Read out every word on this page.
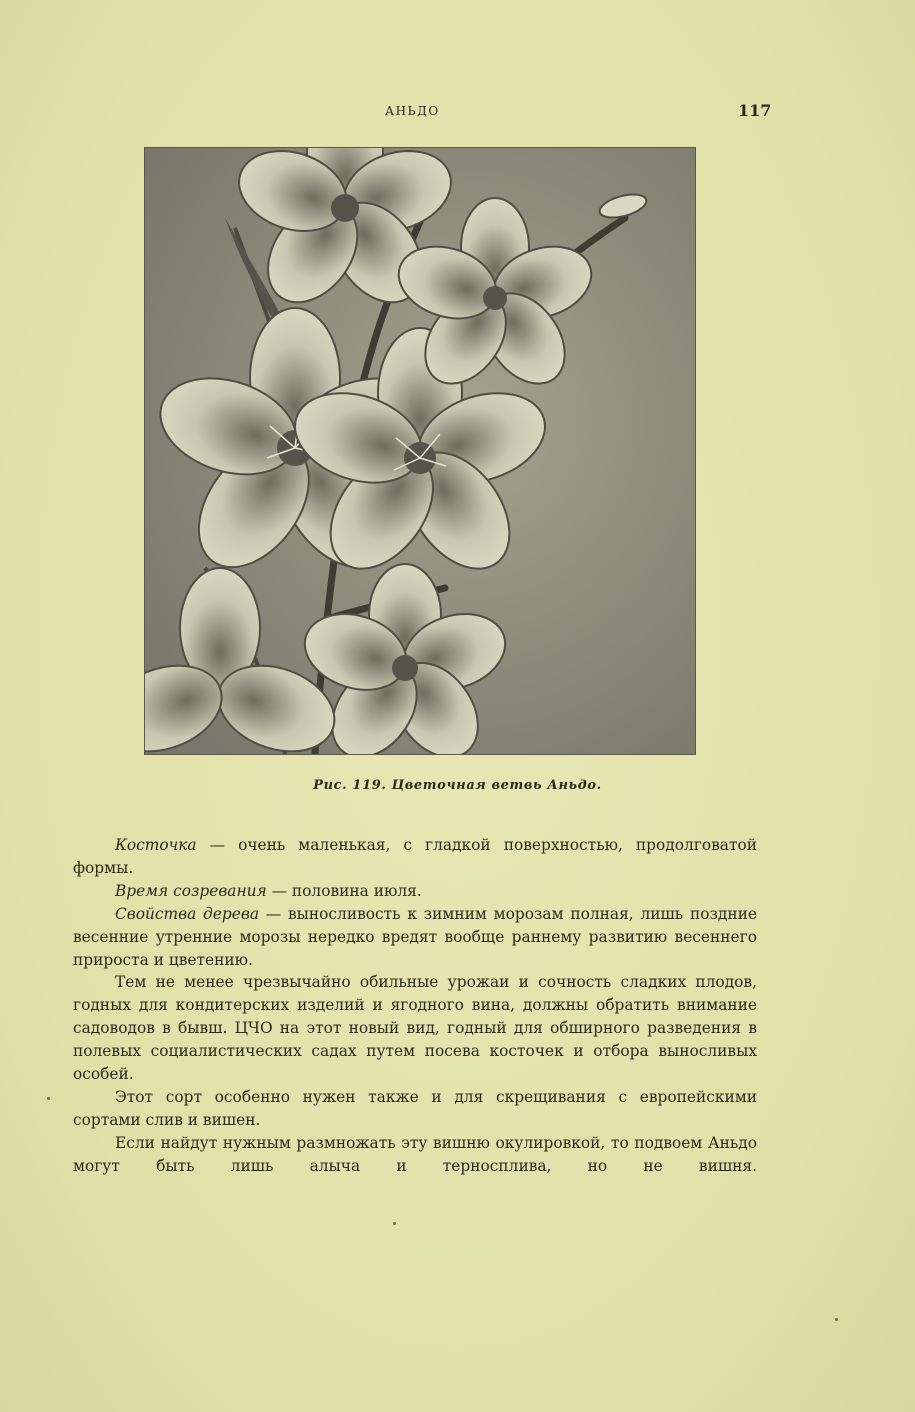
АНЬДО	117
Рис. 119. Цветочная ветвь Аньдо.

Косточка — очень маленькая, с гладкой поверхностью, продолговатой формы.

Время созревания — половина июля.

Свойства дерева — выносливость к зимним морозам полная, лишь поздние весенние утренние морозы нередко вредят вообще раннему развитию весеннего прироста и цветению.

Тем не менее чрезвычайно обильные урожаи и сочность сладких плодов, годных для кондитерских изделий и ягодного вина, должны обратить внимание садоводов в бывш. ЦЧО на этот новый вид, годный для обширного разведения в полевых социалистических садах путем посева косточек и отбора выносливых особей.

Этот сорт особенно нужен также и для скрещивания с европейскими сортами слив и вишен.

Если найдут нужным размножать эту вишню окулировкой, то подвоем Аньдо могут быть лишь алыча и терносплива, но не вишня.
